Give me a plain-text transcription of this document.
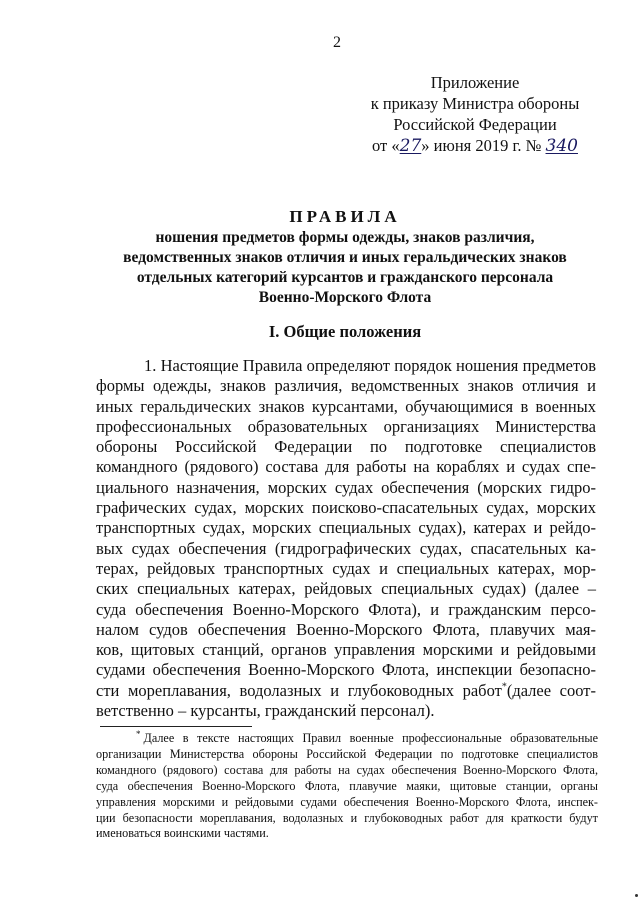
2
Приложение
к приказу Министра обороны
Российской Федерации
от «27» июня 2019 г. № 340
ПРАВИЛА
ношения предметов формы одежды, знаков различия,
ведомственных знаков отличия и иных геральдических знаков
отдельных категорий курсантов и гражданского персонала
Военно-Морского Флота
I. Общие положения
1. Настоящие Правила определяют порядок ношения предметов
формы одежды, знаков различия, ведомственных знаков отличия и
иных геральдических знаков курсантами, обучающимися в военных
профессиональных образовательных организациях Министерства
обороны Российской Федерации по подготовке специалистов
командного (рядового) состава для работы на кораблях и судах спе-
циального назначения, морских судах обеспечения (морских гидро-
графических судах, морских поисково-спасательных судах, морских
транспортных судах, морских специальных судах), катерах и рейдо-
вых судах обеспечения (гидрографических судах, спасательных ка-
терах, рейдовых транспортных судах и специальных катерах, мор-
ских специальных катерах, рейдовых специальных судах) (далее –
суда обеспечения Военно-Морского Флота), и гражданским персо-
налом судов обеспечения Военно-Морского Флота, плавучих мая-
ков, щитовых станций, органов управления морскими и рейдовыми
судами обеспечения Военно-Морского Флота, инспекции безопасно-
сти мореплавания, водолазных и глубоководных работ*(далее соот-
ветственно – курсанты, гражданский персонал).
* Далее в тексте настоящих Правил военные профессиональные образовательные
организации Министерства обороны Российской Федерации по подготовке специалистов
командного (рядового) состава для работы на судах обеспечения Военно-Морского Флота,
суда обеспечения Военно-Морского Флота, плавучие маяки, щитовые станции, органы
управления морскими и рейдовыми судами обеспечения Военно-Морского Флота, инспек-
ции безопасности мореплавания, водолазных и глубоководных работ для краткости будут
именоваться воинскими частями.
